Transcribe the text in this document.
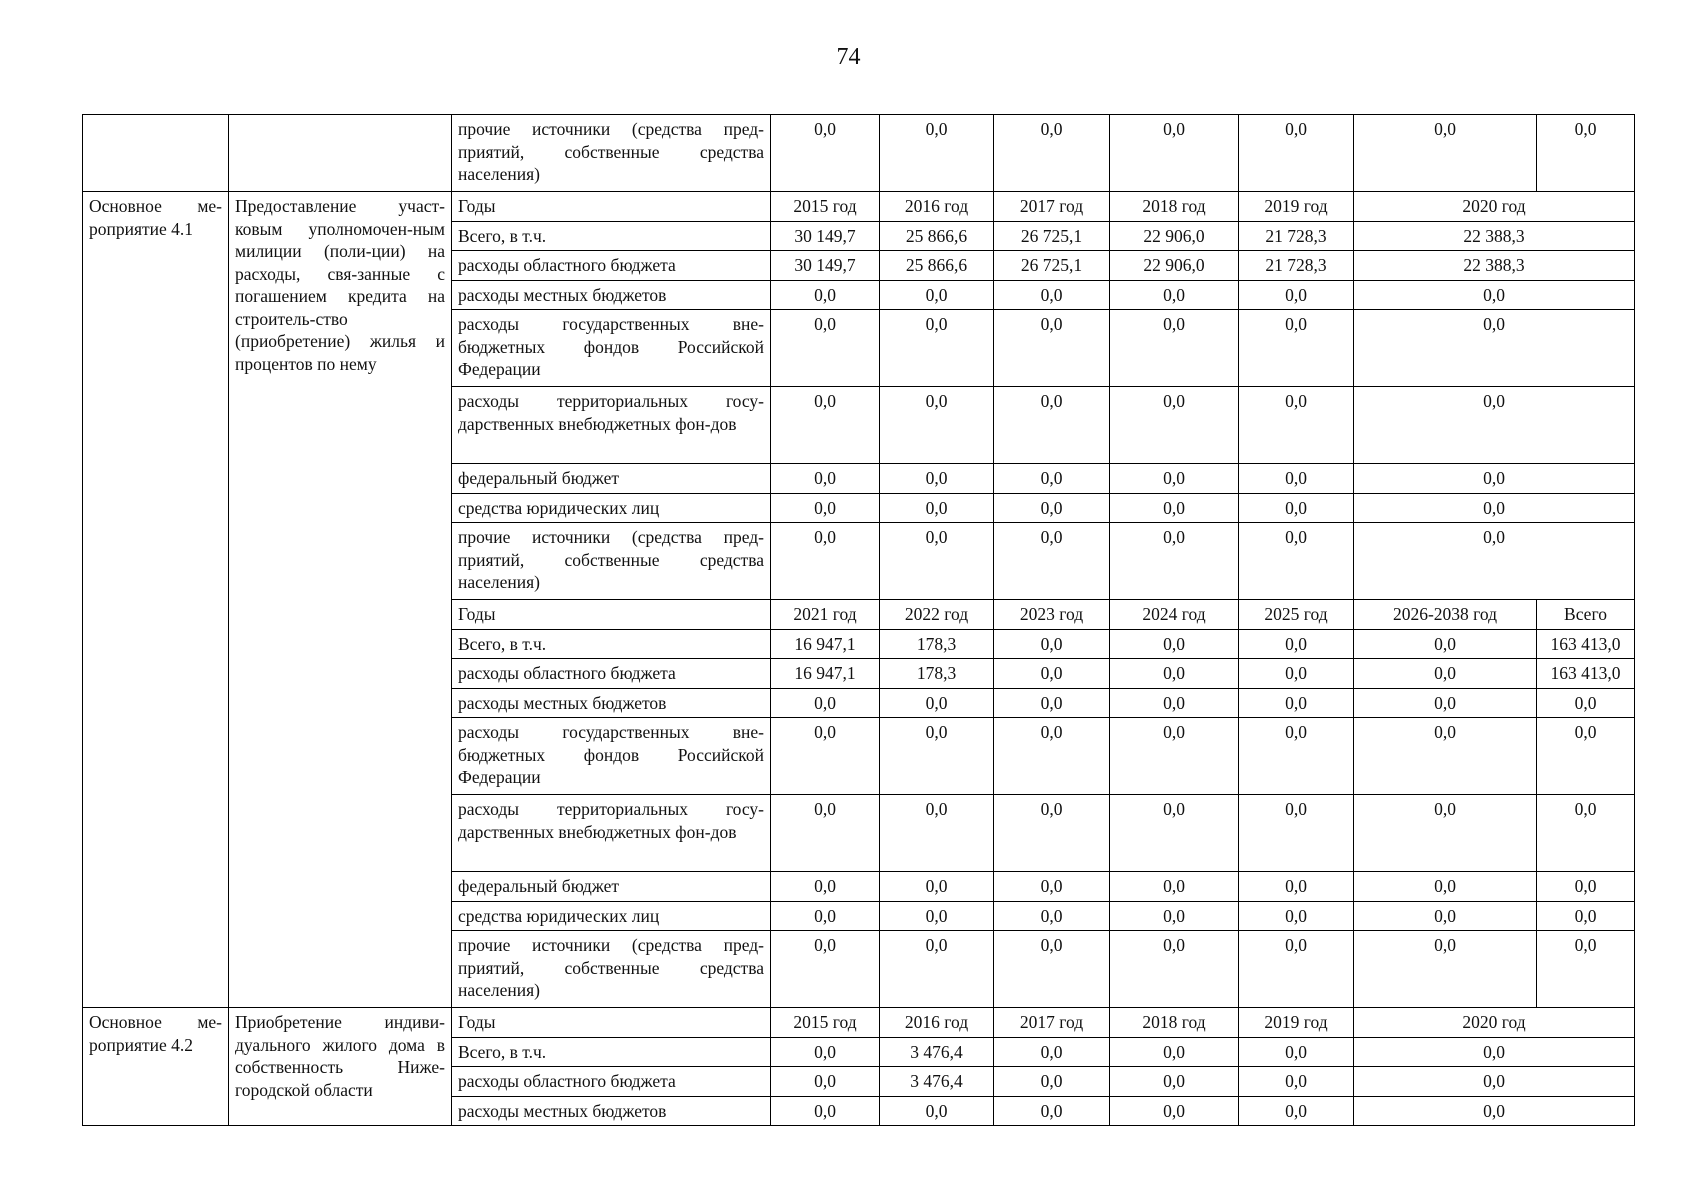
74
		прочие источники (средства пред-приятий, собственные средства населения)	0,0	0,0	0,0	0,0	0,0	0,0	0,0
Основное ме-роприятие 4.1	Предоставление участ-ковым уполномочен-ным милиции (поли-ции) на расходы, свя-занные с погашением кредита на строитель-ство (приобретение) жилья и процентов по нему	Годы	2015 год	2016 год	2017 год	2018 год	2019 год	2020 год	
		Всего, в т.ч.	30 149,7	25 866,6	26 725,1	22 906,0	21 728,3	22 388,3	
		расходы областного бюджета	30 149,7	25 866,6	26 725,1	22 906,0	21 728,3	22 388,3	
		расходы местных бюджетов	0,0	0,0	0,0	0,0	0,0	0,0	
		расходы государственных вне-бюджетных фондов Российской Федерации	0,0	0,0	0,0	0,0	0,0	0,0	
		расходы территориальных госу-дарственных внебюджетных фон-дов	0,0	0,0	0,0	0,0	0,0	0,0	
		федеральный бюджет	0,0	0,0	0,0	0,0	0,0	0,0	
		средства юридических лиц	0,0	0,0	0,0	0,0	0,0	0,0	
		прочие источники (средства пред-приятий, собственные средства населения)	0,0	0,0	0,0	0,0	0,0	0,0	
		Годы	2021 год	2022 год	2023 год	2024 год	2025 год	2026-2038 год	Всего
		Всего, в т.ч.	16 947,1	178,3	0,0	0,0	0,0	0,0	163 413,0
		расходы областного бюджета	16 947,1	178,3	0,0	0,0	0,0	0,0	163 413,0
		расходы местных бюджетов	0,0	0,0	0,0	0,0	0,0	0,0	0,0
		расходы государственных вне-бюджетных фондов Российской Федерации	0,0	0,0	0,0	0,0	0,0	0,0	0,0
		расходы территориальных госу-дарственных внебюджетных фон-дов	0,0	0,0	0,0	0,0	0,0	0,0	0,0
		федеральный бюджет	0,0	0,0	0,0	0,0	0,0	0,0	0,0
		средства юридических лиц	0,0	0,0	0,0	0,0	0,0	0,0	0,0
		прочие источники (средства пред-приятий, собственные средства населения)	0,0	0,0	0,0	0,0	0,0	0,0	0,0
Основное ме-роприятие 4.2	Приобретение индиви-дуального жилого дома в собственность Ниже-городской области	Годы	2015 год	2016 год	2017 год	2018 год	2019 год	2020 год	
		Всего, в т.ч.	0,0	3 476,4	0,0	0,0	0,0	0,0	
		расходы областного бюджета	0,0	3 476,4	0,0	0,0	0,0	0,0	
		расходы местных бюджетов	0,0	0,0	0,0	0,0	0,0	0,0	
